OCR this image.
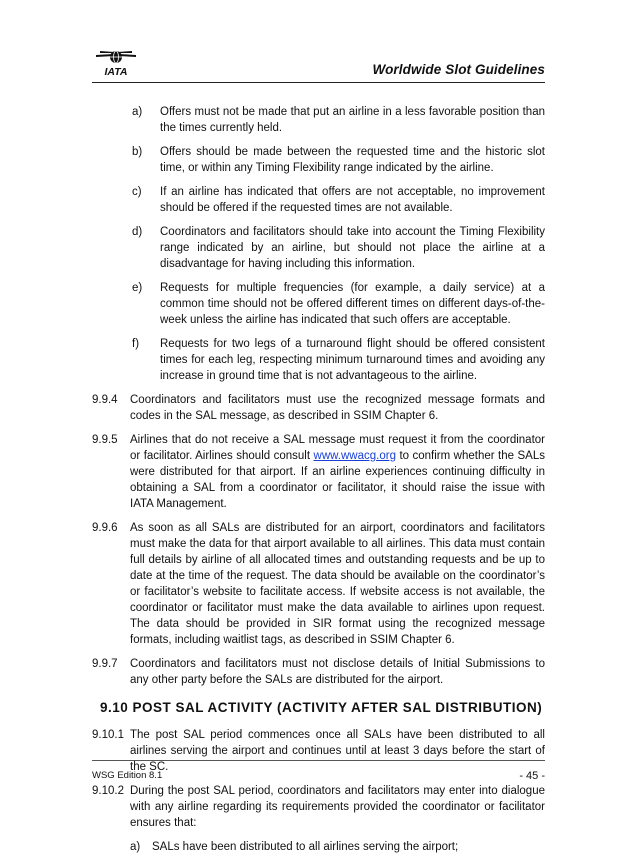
IATA	Worldwide Slot Guidelines
a)	Offers must not be made that put an airline in a less favorable position than the times currently held.
b)	Offers should be made between the requested time and the historic slot time, or within any Timing Flexibility range indicated by the airline.
c)	If an airline has indicated that offers are not acceptable, no improvement should be offered if the requested times are not available.
d)	Coordinators and facilitators should take into account the Timing Flexibility range indicated by an airline, but should not place the airline at a disadvantage for having including this information.
e)	Requests for multiple frequencies (for example, a daily service) at a common time should not be offered different times on different days-of-the-week unless the airline has indicated that such offers are acceptable.
f)	Requests for two legs of a turnaround flight should be offered consistent times for each leg, respecting minimum turnaround times and avoiding any increase in ground time that is not advantageous to the airline.
9.9.4	Coordinators and facilitators must use the recognized message formats and codes in the SAL message, as described in SSIM Chapter 6.
9.9.5	Airlines that do not receive a SAL message must request it from the coordinator or facilitator. Airlines should consult www.wwacg.org to confirm whether the SALs were distributed for that airport. If an airline experiences continuing difficulty in obtaining a SAL from a coordinator or facilitator, it should raise the issue with IATA Management.
9.9.6	As soon as all SALs are distributed for an airport, coordinators and facilitators must make the data for that airport available to all airlines. This data must contain full details by airline of all allocated times and outstanding requests and be up to date at the time of the request. The data should be available on the coordinator’s or facilitator’s website to facilitate access. If website access is not available, the coordinator or facilitator must make the data available to airlines upon request. The data should be provided in SIR format using the recognized message formats, including waitlist tags, as described in SSIM Chapter 6.
9.9.7	Coordinators and facilitators must not disclose details of Initial Submissions to any other party before the SALs are distributed for the airport.
9.10 POST SAL ACTIVITY (ACTIVITY AFTER SAL DISTRIBUTION)
9.10.1 The post SAL period commences once all SALs have been distributed to all airlines serving the airport and continues until at least 3 days before the start of the SC.
9.10.2 During the post SAL period, coordinators and facilitators may enter into dialogue with any airline regarding its requirements provided the coordinator or facilitator ensures that:
a)	SALs have been distributed to all airlines serving the airport;
WSG Edition 8.1	- 45 -
